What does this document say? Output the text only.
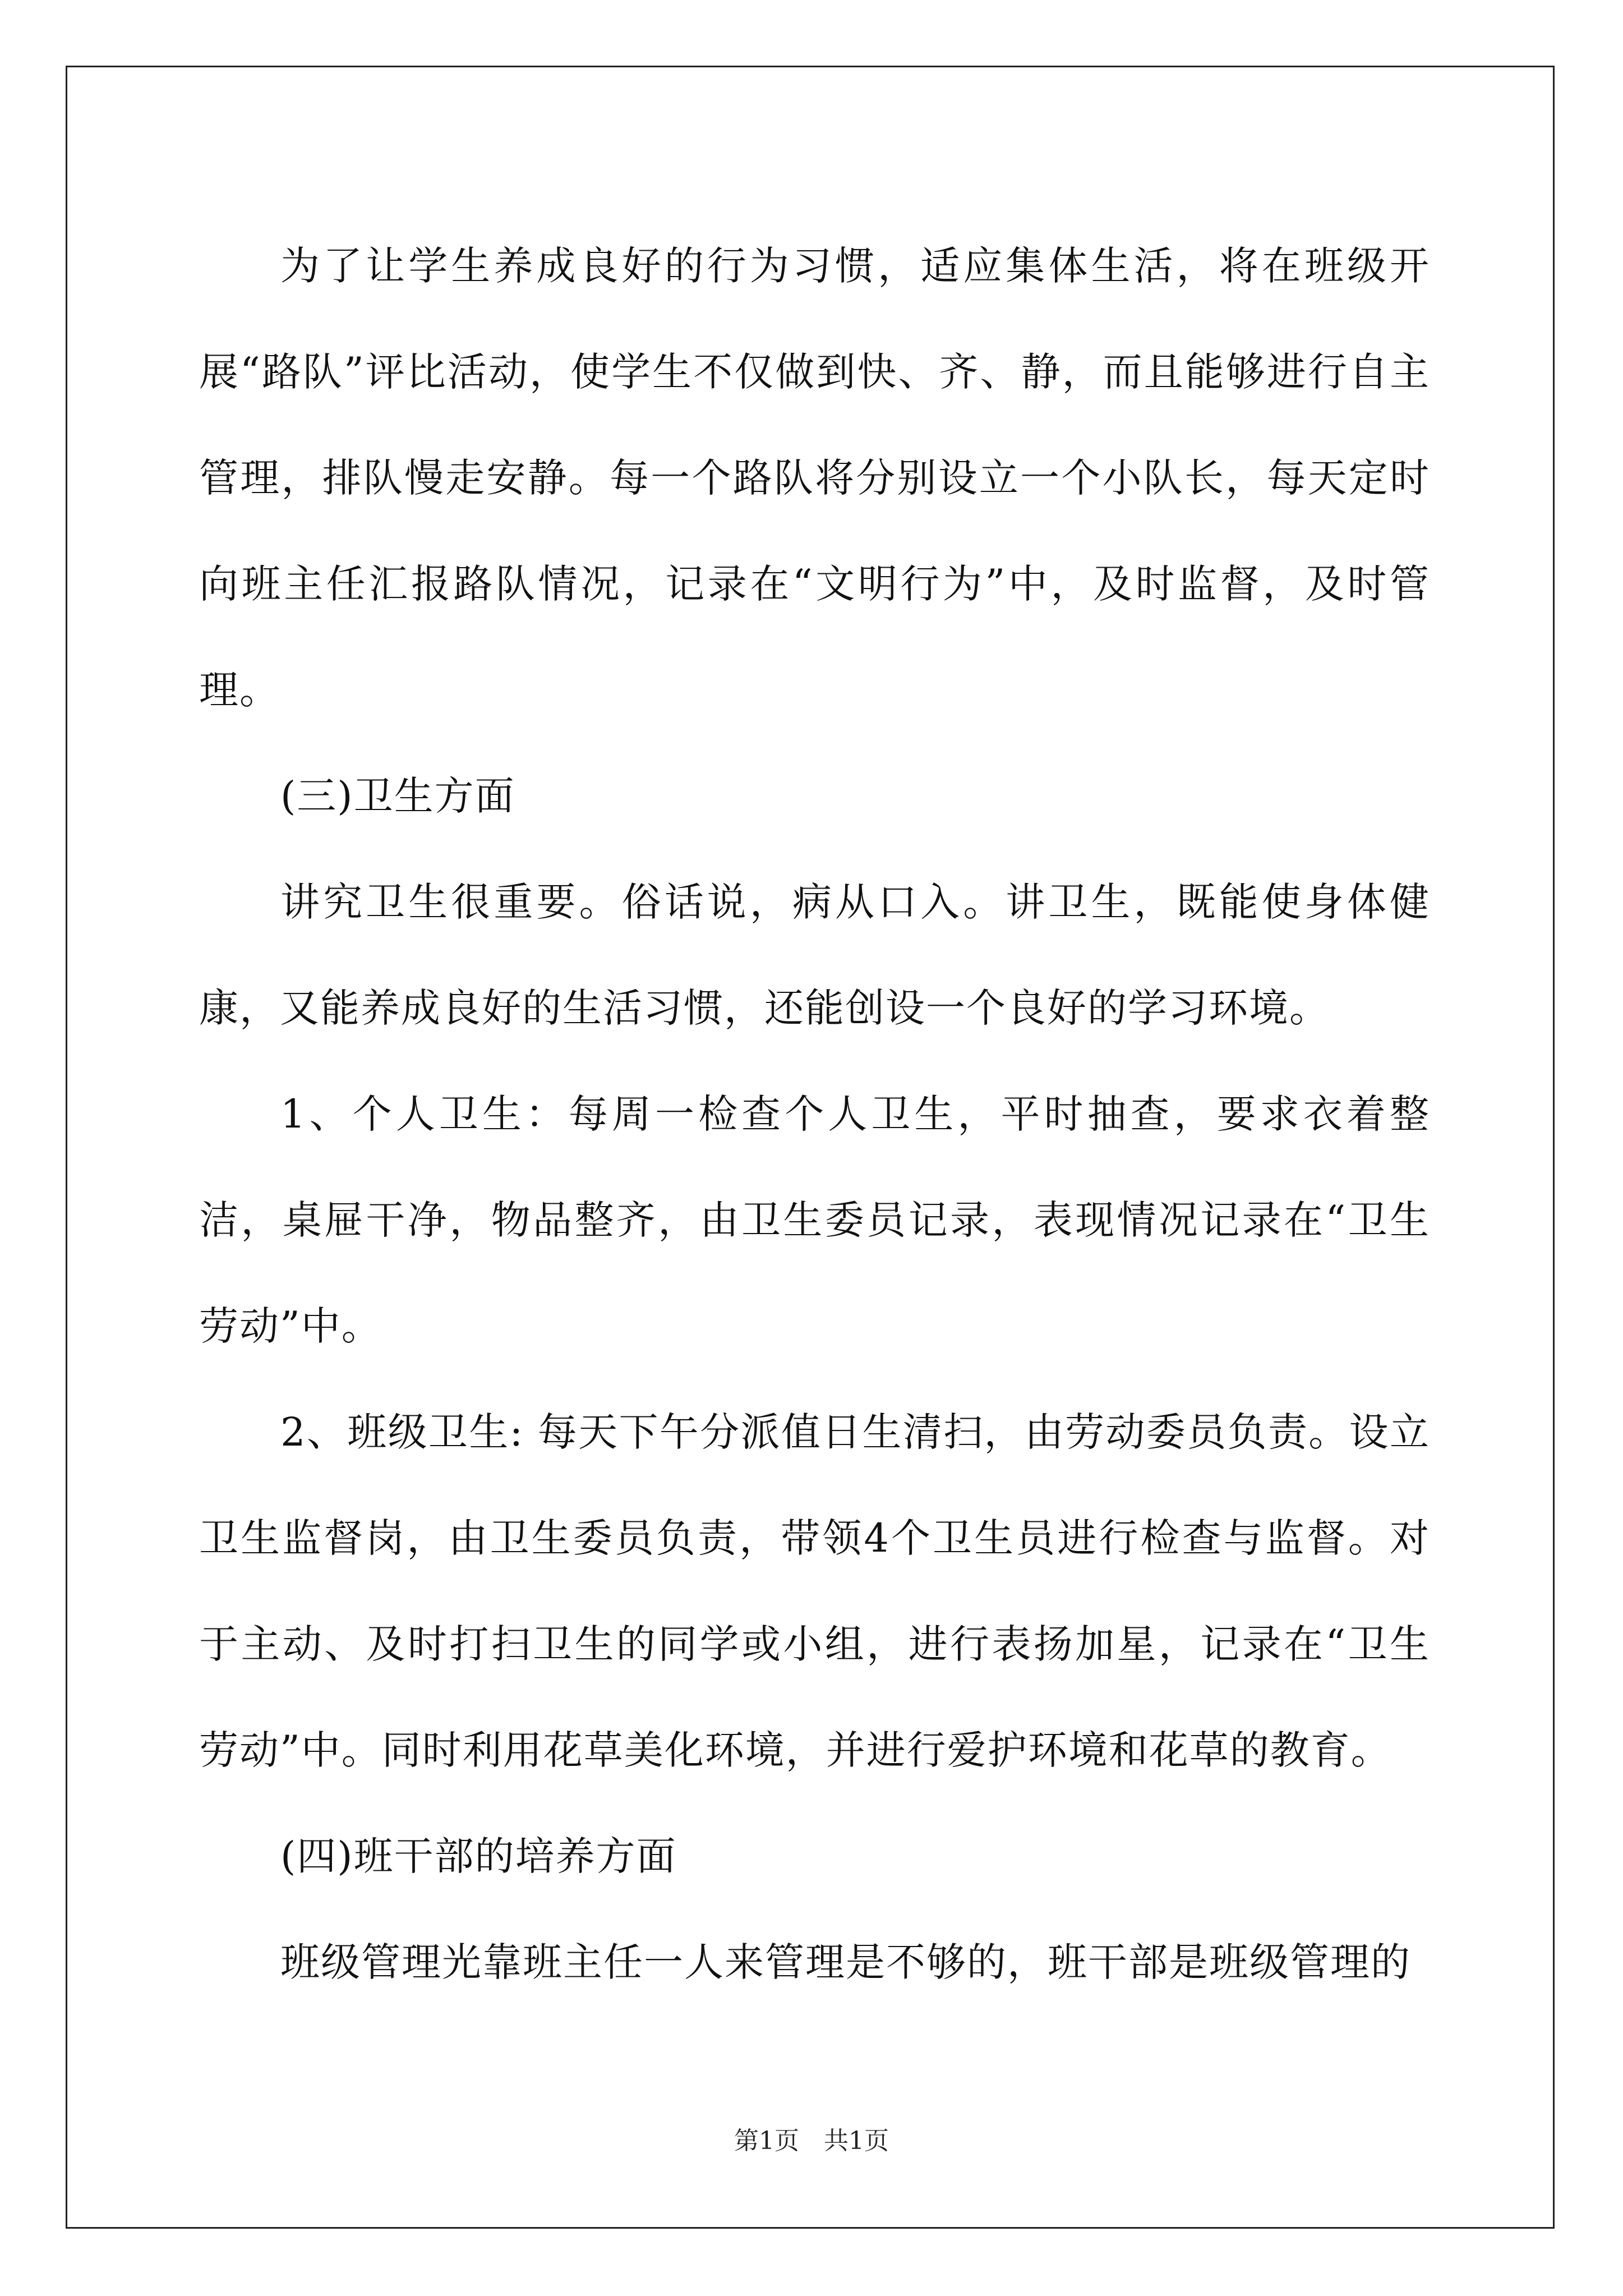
为了让学生养成良好的行为习惯，适应集体生活，将在班级开展“路队”评比活动，使学生不仅做到快、齐、静，而且能够进行自主管理，排队慢走安静。每一个路队将分别设立一个小队长，每天定时向班主任汇报路队情况，记录在“文明行为”中，及时监督，及时管理。

(三)卫生方面

讲究卫生很重要。俗话说，病从口入。讲卫生，既能使身体健康，又能养成良好的生活习惯，还能创设一个良好的学习环境。

1、个人卫生：每周一检查个人卫生，平时抽查，要求衣着整洁，桌屉干净，物品整齐，由卫生委员记录，表现情况记录在“卫生劳动”中。

2、班级卫生: 每天下午分派值日生清扫，由劳动委员负责。设立卫生监督岗，由卫生委员负责，带领4个卫生员进行检查与监督。对于主动、及时打扫卫生的同学或小组，进行表扬加星，记录在“卫生劳动”中。同时利用花草美化环境，并进行爱护环境和花草的教育。

(四)班干部的培养方面

班级管理光靠班主任一人来管理是不够的，班干部是班级管理的

第1页　共1页
